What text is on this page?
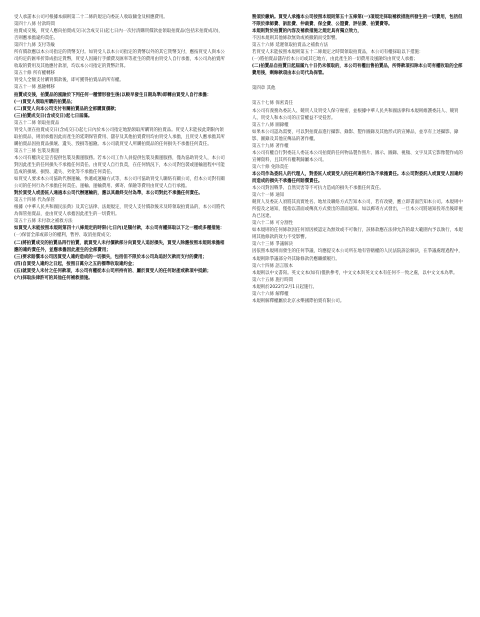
受人承諾本公司可根據本細則第二十二條的規定向委託人收取傭金及相應費用。

第四十八條 付款時間

拍賣成交後，買受人應向拍賣成交日(含成交日)起七日內一次付清購買價款並領取拍賣品(包括未拍賣成功)，否則應承擔違約責任。

第四十九條 支付等級

所有價款應以本公司指定的貨幣支付。如買受人以本公司指定的貨幣以外的其它貨幣支付，應按買受人與本公司約定的匯率折算成指定貨幣，買受人因銀行手續費及匯率等產生的費用由買受人自行承擔，本公司為拍賣所收取的費用及其他應付款項，均以本公司指定的貨幣計算。

第五十條 所有權轉移

買受人全額支付購買價款後，即可獲得拍賣品的所有權。

第五十一條 風險轉移

拍賣成交後，拍賣品的風險於下列任何一種情形發生後(以較早發生日期為準)即轉由買受人自行承擔：

(一)買受人領取所購的拍賣品；

(二)買受人向本公司支付有關拍賣品的全部購買價款；

(三)拍賣成交日(含成交日)起七日屆滿。

第五十二條 領取拍賣品

買受人須在拍賣成交日(含成交日)起七日內於本公司指定地點領取所購買的拍賣品。買受人未能按此期限內領取拍賣品，則須承擔因此而產生的延期保管費用、儲存及其他拍賣費用均由買受人承擔，且買受人應承擔其所購拍賣品因拍賣品損壞、遺失、毀損等風險。本公司就買受人所購拍賣品的任何損失不承擔任何責任。

第五十三條 包裝及搬運

本公司有權決定是否提供包裝及搬運服務。若本公司工作人員提供包裝及搬運服務，僅為協助買受人，本公司對因此產生的任何損失不承擔任何責任。由買受人自行負責，在任何情況下，本公司對包裝或運輸過程中可能造成的損壞、損毀、遺失、劣化等不承擔任何責任。

如買受人要求本公司協助代辦運輸、快遞或運輸方式等，本公司可協助買受人聯絡有關公司，但本公司對有關公司的任何行為不承擔任何責任。運輸、運輸費用、郵寄、保險等費用由買受人自行承擔。

對於買受人或委託人通過本公司代辦運輸的，應以其最終交付為準，本公司對此不承擔任何責任。

第五十四條 代為保管

根據《中華人民共和國民法典》及其它法律、法規規定，買受人支付價款後未及時領取拍賣品的，本公司將代為保管拍賣品，並由買受人承擔因此產生的一切費用。

第五十五條 未付款之補救方法

如買受人未能按照本規則第四十八條規定的時限(七日內)足額付款，本公司有權採取以下之一種或多種措施：

(一)保留全部或部分的權利，暫停、取消拍賣成交；

(二)將拍賣成交的拍賣品再行拍賣，就買受人未付價款部分向買受人追討損失，買受人除應按照本規則承擔相應的違約責任外，並應承擔因此產生的全部費用；

(三)要求賠償本公司因買受人違約造成的一切損失，包括但不限於本公司為追討欠款而支付的費用；

(四)自買受人違約之日起，按照日萬分之五的標準收取違約金；

(五)就買受人未付之任何款項，本公司有權從本公司所持有的、屬於買受人的任何財產或款項中抵銷；

(六)採取法律許可的其他任何補救措施。

務須於繳納。買受人承擔本公司按照本規則第五十五條第(一)項規定採取補救措施所發生的一切費用，包括但不限於律師費、訴訟費、仲裁費、保全費、公證費、評估費、拍賣費等。

本規則對於拍賣的內容及補救措施之規定具有獨立效力，

不因本規則其他條款無效或被撤銷而受影響。

第五十六條 延遲領取拍賣品之補救方法

若買受人未能按照本規則第五十二條規定之時間領取拍賣品，本公司有權採取以下措施：

(一)將拍賣品儲存於本公司或其它地方，由此產生的一切費用及風險均由買受人承擔；

(二)拍賣品自拍賣日起屆滿九十日仍未領取的，本公司有權出售拍賣品，所得款項扣除本公司有權收取的全部費用後，剩餘款項由本公司代為保管。

第四章 其他

第五十七條 保密責任

本公司有義務為委託人、競買人及買受人保守秘密，並根據中華人民共和國法律和本規則維護委託人、競買人、買受人和本公司的正當權益不受侵害。

第五十八條 圖錄權

如果本公司認為需要，可以對拍賣品進行攝影、錄影、製作圖錄及其他形式的宣傳品，並享有上述攝影、錄影、圖錄及其他宣傳品的著作權。

第五十九條 著作權

本公司有權自行對委託人委託本公司拍賣的任何物品製作照片、圖示、圖錄、視頻、文字及其它影像製作成的宣傳資料，且其所有權利歸屬本公司。

第六十條 免除責任

本公司作為委託人的代理人，對委託人或買受人的任何違約行為不承擔責任。本公司對委託人或買受人因違約而造成的損失不承擔任何賠償責任。

本公司對因戰爭、自然災害等不可抗力造成的損失不承擔任何責任。

第六十一條 通知

競買人及委託人須將其真實姓名、地址及聯絡方式告知本公司，若有改變，應立即書面告知本公司。本規則中所提及之通知，僅指以書面或傳真方式發出的書面通知。如以郵寄方式發出，一旦本公司將通知投寄出後即視為已送達。

第六十二條 可分割性

如本規則的任何條款因任何原因被認定為無效或不可執行，該條款應在法律允許的最大範圍內予以執行，本規則其他條款的效力不受影響。

第六十三條 爭議解決

因依照本規則而發生的任何爭議，均應提交本公司所在地有管轄權的人民法院訴訟解決，在爭議處理過程中，本規則除爭議部分外其餘條款仍應繼續履行。

第六十四條 語言版本

本規則以中文書寫。英文文本(如有)僅供參考，中文文本與英文文本有任何不一致之處，以中文文本為準。

第六十五條 施行時間

本規則於2022年2月1日起施行。

第六十六條 解釋權

本規則解釋權屬於北京永樂國際拍賣有限公司。
